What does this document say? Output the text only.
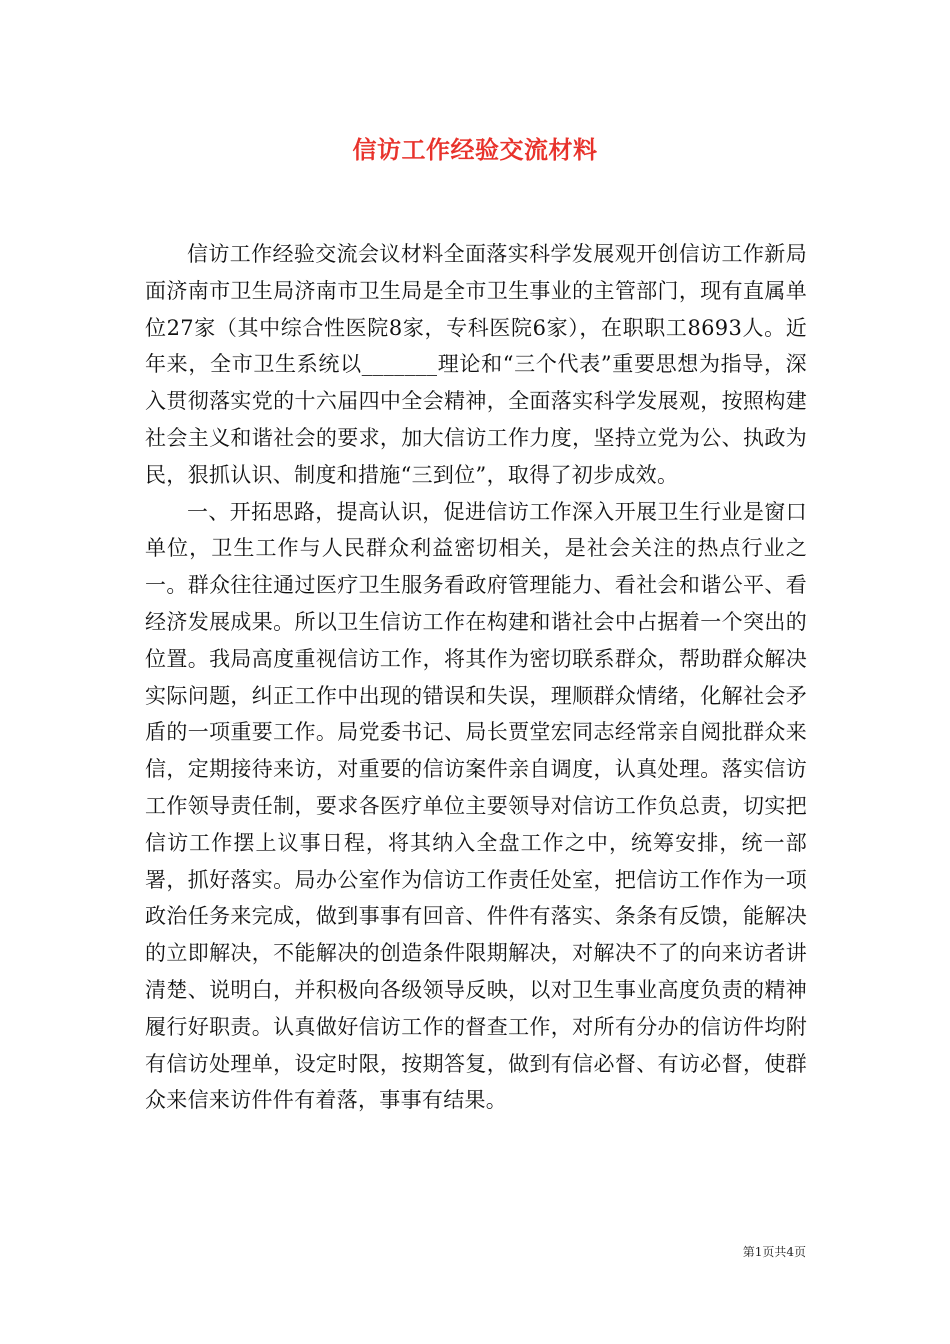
信访工作经验交流材料

信访工作经验交流会议材料全面落实科学发展观开创信访工作新局面济南市卫生局济南市卫生局是全市卫生事业的主管部门，现有直属单位27家（其中综合性医院8家，专科医院6家），在职职工8693人。近年来，全市卫生系统以_______理论和“三个代表”重要思想为指导，深入贯彻落实党的十六届四中全会精神，全面落实科学发展观，按照构建社会主义和谐社会的要求，加大信访工作力度，坚持立党为公、执政为民，狠抓认识、制度和措施“三到位”，取得了初步成效。

一、开拓思路，提高认识，促进信访工作深入开展卫生行业是窗口单位，卫生工作与人民群众利益密切相关，是社会关注的热点行业之一。群众往往通过医疗卫生服务看政府管理能力、看社会和谐公平、看经济发展成果。所以卫生信访工作在构建和谐社会中占据着一个突出的位置。我局高度重视信访工作，将其作为密切联系群众，帮助群众解决实际问题，纠正工作中出现的错误和失误，理顺群众情绪，化解社会矛盾的一项重要工作。局党委书记、局长贾堂宏同志经常亲自阅批群众来信，定期接待来访，对重要的信访案件亲自调度，认真处理。落实信访工作领导责任制，要求各医疗单位主要领导对信访工作负总责，切实把信访工作摆上议事日程，将其纳入全盘工作之中，统筹安排，统一部署，抓好落实。局办公室作为信访工作责任处室，把信访工作作为一项政治任务来完成，做到事事有回音、件件有落实、条条有反馈，能解决的立即解决，不能解决的创造条件限期解决，对解决不了的向来访者讲清楚、说明白，并积极向各级领导反映，以对卫生事业高度负责的精神履行好职责。认真做好信访工作的督查工作，对所有分办的信访件均附有信访处理单，设定时限，按期答复，做到有信必督、有访必督，使群众来信来访件件有着落，事事有结果。

第1页共4页
